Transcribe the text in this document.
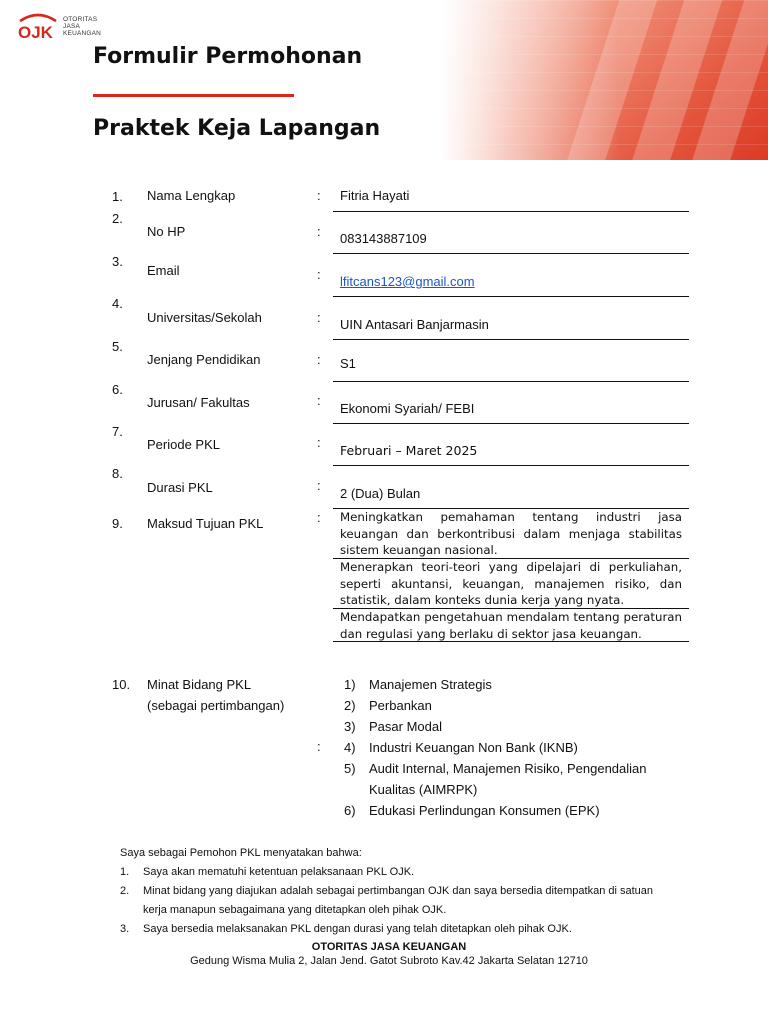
OJK
OTORITAS
JASA
KEUANGAN
Formulir Permohonan
Praktek Keja Lapangan
1. Nama Lengkap	: Fitria Hayati
2.
No HP	: 083143887109
3.
Email	: lfitcans123@gmail.com
4.
Universitas/Sekolah	: UIN Antasari Banjarmasin
5.
Jenjang Pendidikan	: S1
6.
Jurusan/ Fakultas	:
Ekonomi Syariah/ FEBI
7.
Periode PKL	:
Februari – Maret 2025
8.
Durasi PKL	:
2 (Dua) Bulan
9. Maksud Tujuan PKL	: Meningkatkan pemahaman tentang industri jasa keuangan dan berkontribusi dalam menjaga stabilitas sistem keuangan nasional.
Menerapkan teori-teori yang dipelajari di perkuliahan, seperti akuntansi, keuangan, manajemen risiko, dan statistik, dalam konteks dunia kerja yang nyata.
Mendapatkan pengetahuan mendalam tentang peraturan dan regulasi yang berlaku di sektor jasa keuangan.
10. Minat Bidang PKL
(sebagai pertimbangan)
:
1) Manajemen Strategis
2) Perbankan
3) Pasar Modal
4) Industri Keuangan Non Bank (IKNB)
5) Audit Internal, Manajemen Risiko, Pengendalian
Kualitas (AIMRPK)
6) Edukasi Perlindungan Konsumen (EPK)
Saya sebagai Pemohon PKL menyatakan bahwa:
1. Saya akan mematuhi ketentuan pelaksanaan PKL OJK.
2. Minat bidang yang diajukan adalah sebagai pertimbangan OJK dan saya bersedia ditempatkan di satuan
kerja manapun sebagaimana yang ditetapkan oleh pihak OJK.
3. Saya bersedia melaksanakan PKL dengan durasi yang telah ditetapkan oleh pihak OJK.
OTORITAS JASA KEUANGAN
Gedung Wisma Mulia 2, Jalan Jend. Gatot Subroto Kav.42 Jakarta Selatan 12710
